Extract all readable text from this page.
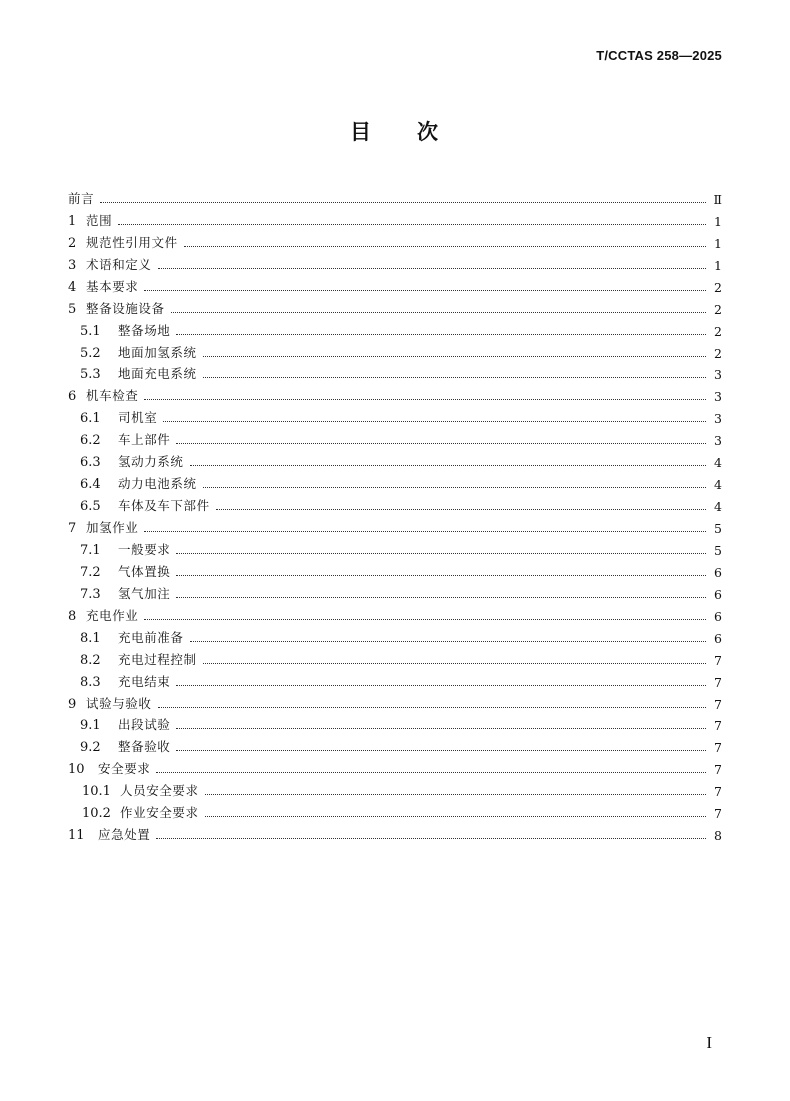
T/CCTAS 258—2025
目 次
前言	Ⅱ
1 范围	1
2 规范性引用文件	1
3 术语和定义	1
4 基本要求	2
5 整备设施设备	2
5.1	整备场地	2
5.2	地面加氢系统	2
5.3	地面充电系统	3
6 机车检查	3
6.1	司机室	3
6.2	车上部件	3
6.3	氢动力系统	4
6.4	动力电池系统	4
6.5	车体及车下部件	4
7 加氢作业	5
7.1	一般要求	5
7.2	气体置换	6
7.3	氢气加注	6
8 充电作业	6
8.1	充电前准备	6
8.2	充电过程控制	7
8.3	充电结束	7
9 试验与验收	7
9.1	出段试验	7
9.2	整备验收	7
10	安全要求	7
10.1 人员安全要求	7
10.2 作业安全要求	7
11	应急处置	8
I
